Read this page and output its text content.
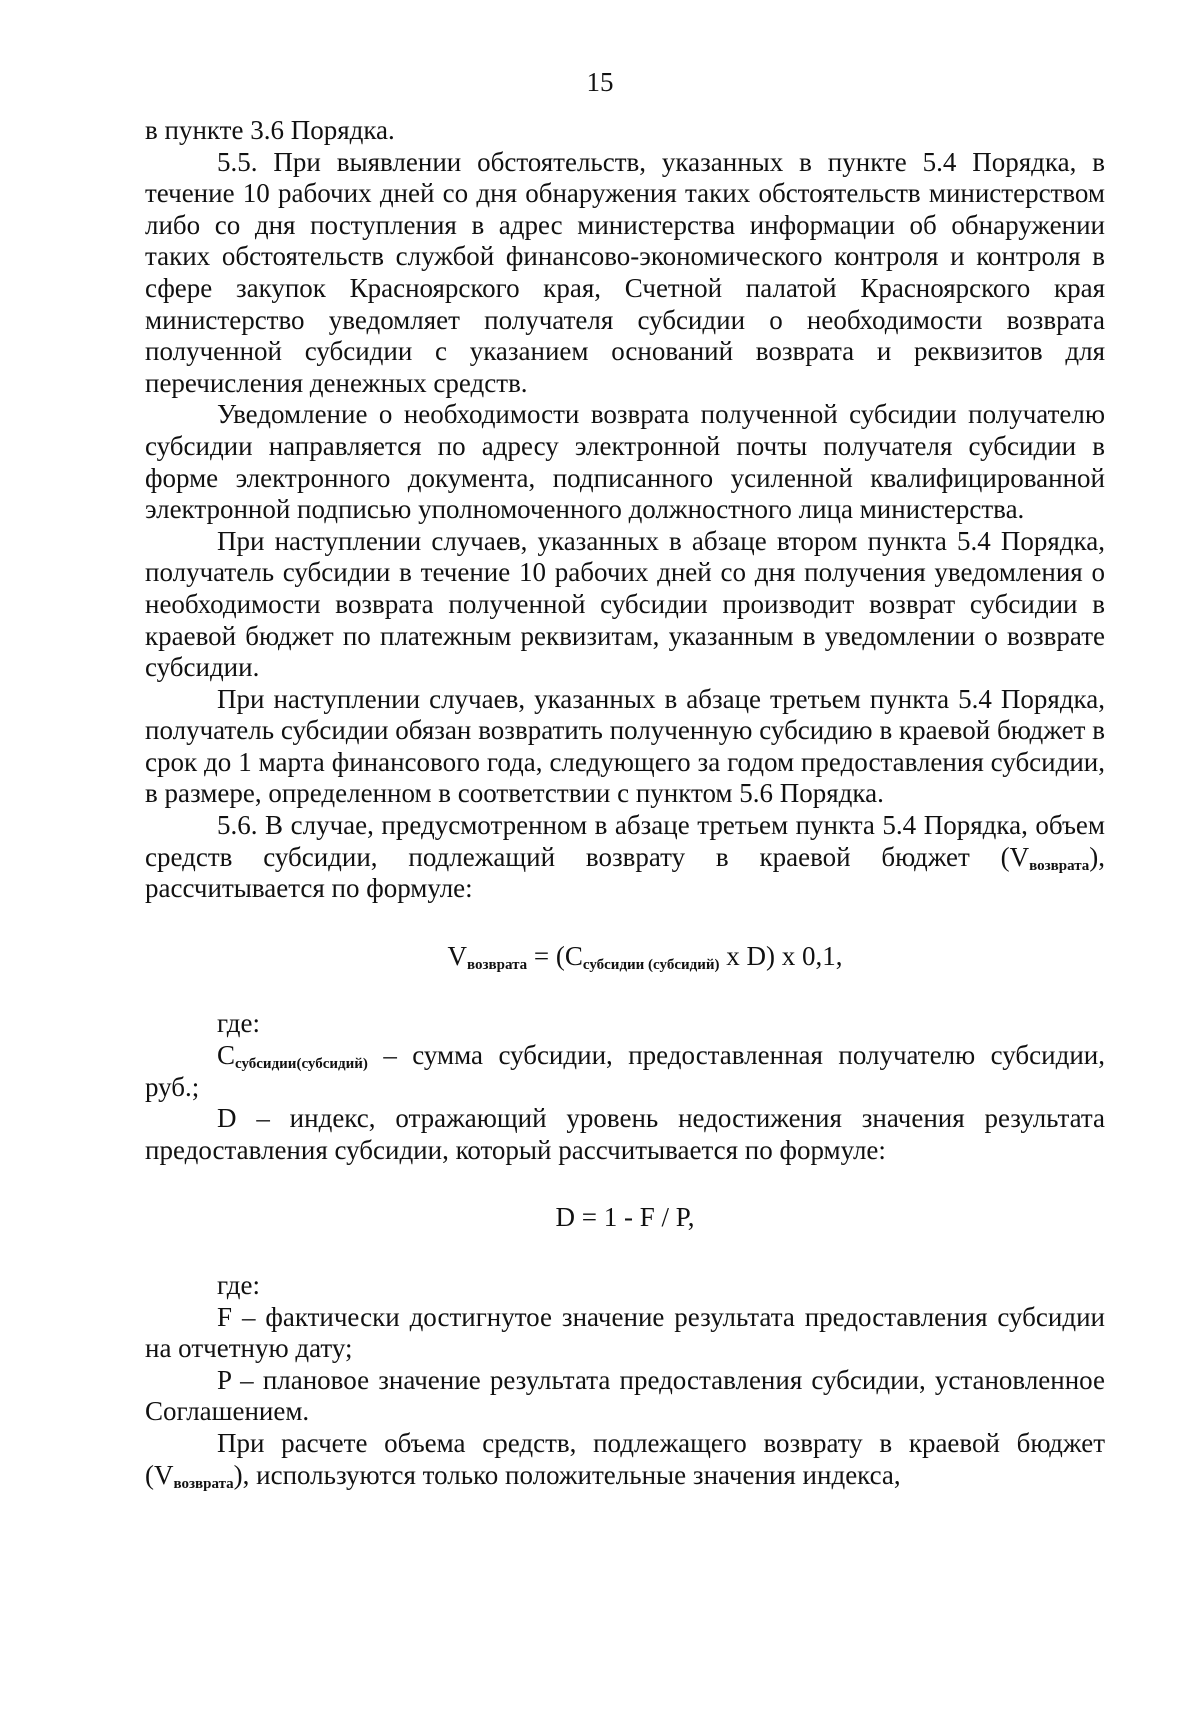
15

в пункте 3.6 Порядка.

5.5. При выявлении обстоятельств, указанных в пункте 5.4 Порядка, в течение 10 рабочих дней со дня обнаружения таких обстоятельств министерством либо со дня поступления в адрес министерства информации об обнаружении таких обстоятельств службой финансово-экономического контроля и контроля в сфере закупок Красноярского края, Счетной палатой Красноярского края министерство уведомляет получателя субсидии о необходимости возврата полученной субсидии с указанием оснований возврата и реквизитов для перечисления денежных средств.

Уведомление о необходимости возврата полученной субсидии получателю субсидии направляется по адресу электронной почты получателя субсидии в форме электронного документа, подписанного усиленной квалифицированной электронной подписью уполномоченного должностного лица министерства.

При наступлении случаев, указанных в абзаце втором пункта 5.4 Порядка, получатель субсидии в течение 10 рабочих дней со дня получения уведомления о необходимости возврата полученной субсидии производит возврат субсидии в краевой бюджет по платежным реквизитам, указанным в уведомлении о возврате субсидии.

При наступлении случаев, указанных в абзаце третьем пункта 5.4 Порядка, получатель субсидии обязан возвратить полученную субсидию в краевой бюджет в срок до 1 марта финансового года, следующего за годом предоставления субсидии, в размере, определенном в соответствии с пунктом 5.6 Порядка.

5.6. В случае, предусмотренном в абзаце третьем пункта 5.4 Порядка, объем средств субсидии, подлежащий возврату в краевой бюджет $(V_{возврата})$, рассчитывается по формуле:

$V_{возврата} = (С_{субсидии (субсидий)}$ x D) x 0,1,

где:

$С_{субсидии(субсидий)}$ – сумма субсидии, предоставленная получателю субсидии, руб.;

D – индекс, отражающий уровень недостижения значения результата предоставления субсидии, который рассчитывается по формуле:

D = 1 - F / P,

где:

F – фактически достигнутое значение результата предоставления субсидии на отчетную дату;

P – плановое значение результата предоставления субсидии, установленное Соглашением.

При расчете объема средств, подлежащего возврату в краевой бюджет $(V_{возврата})$, используются только положительные значения индекса,
